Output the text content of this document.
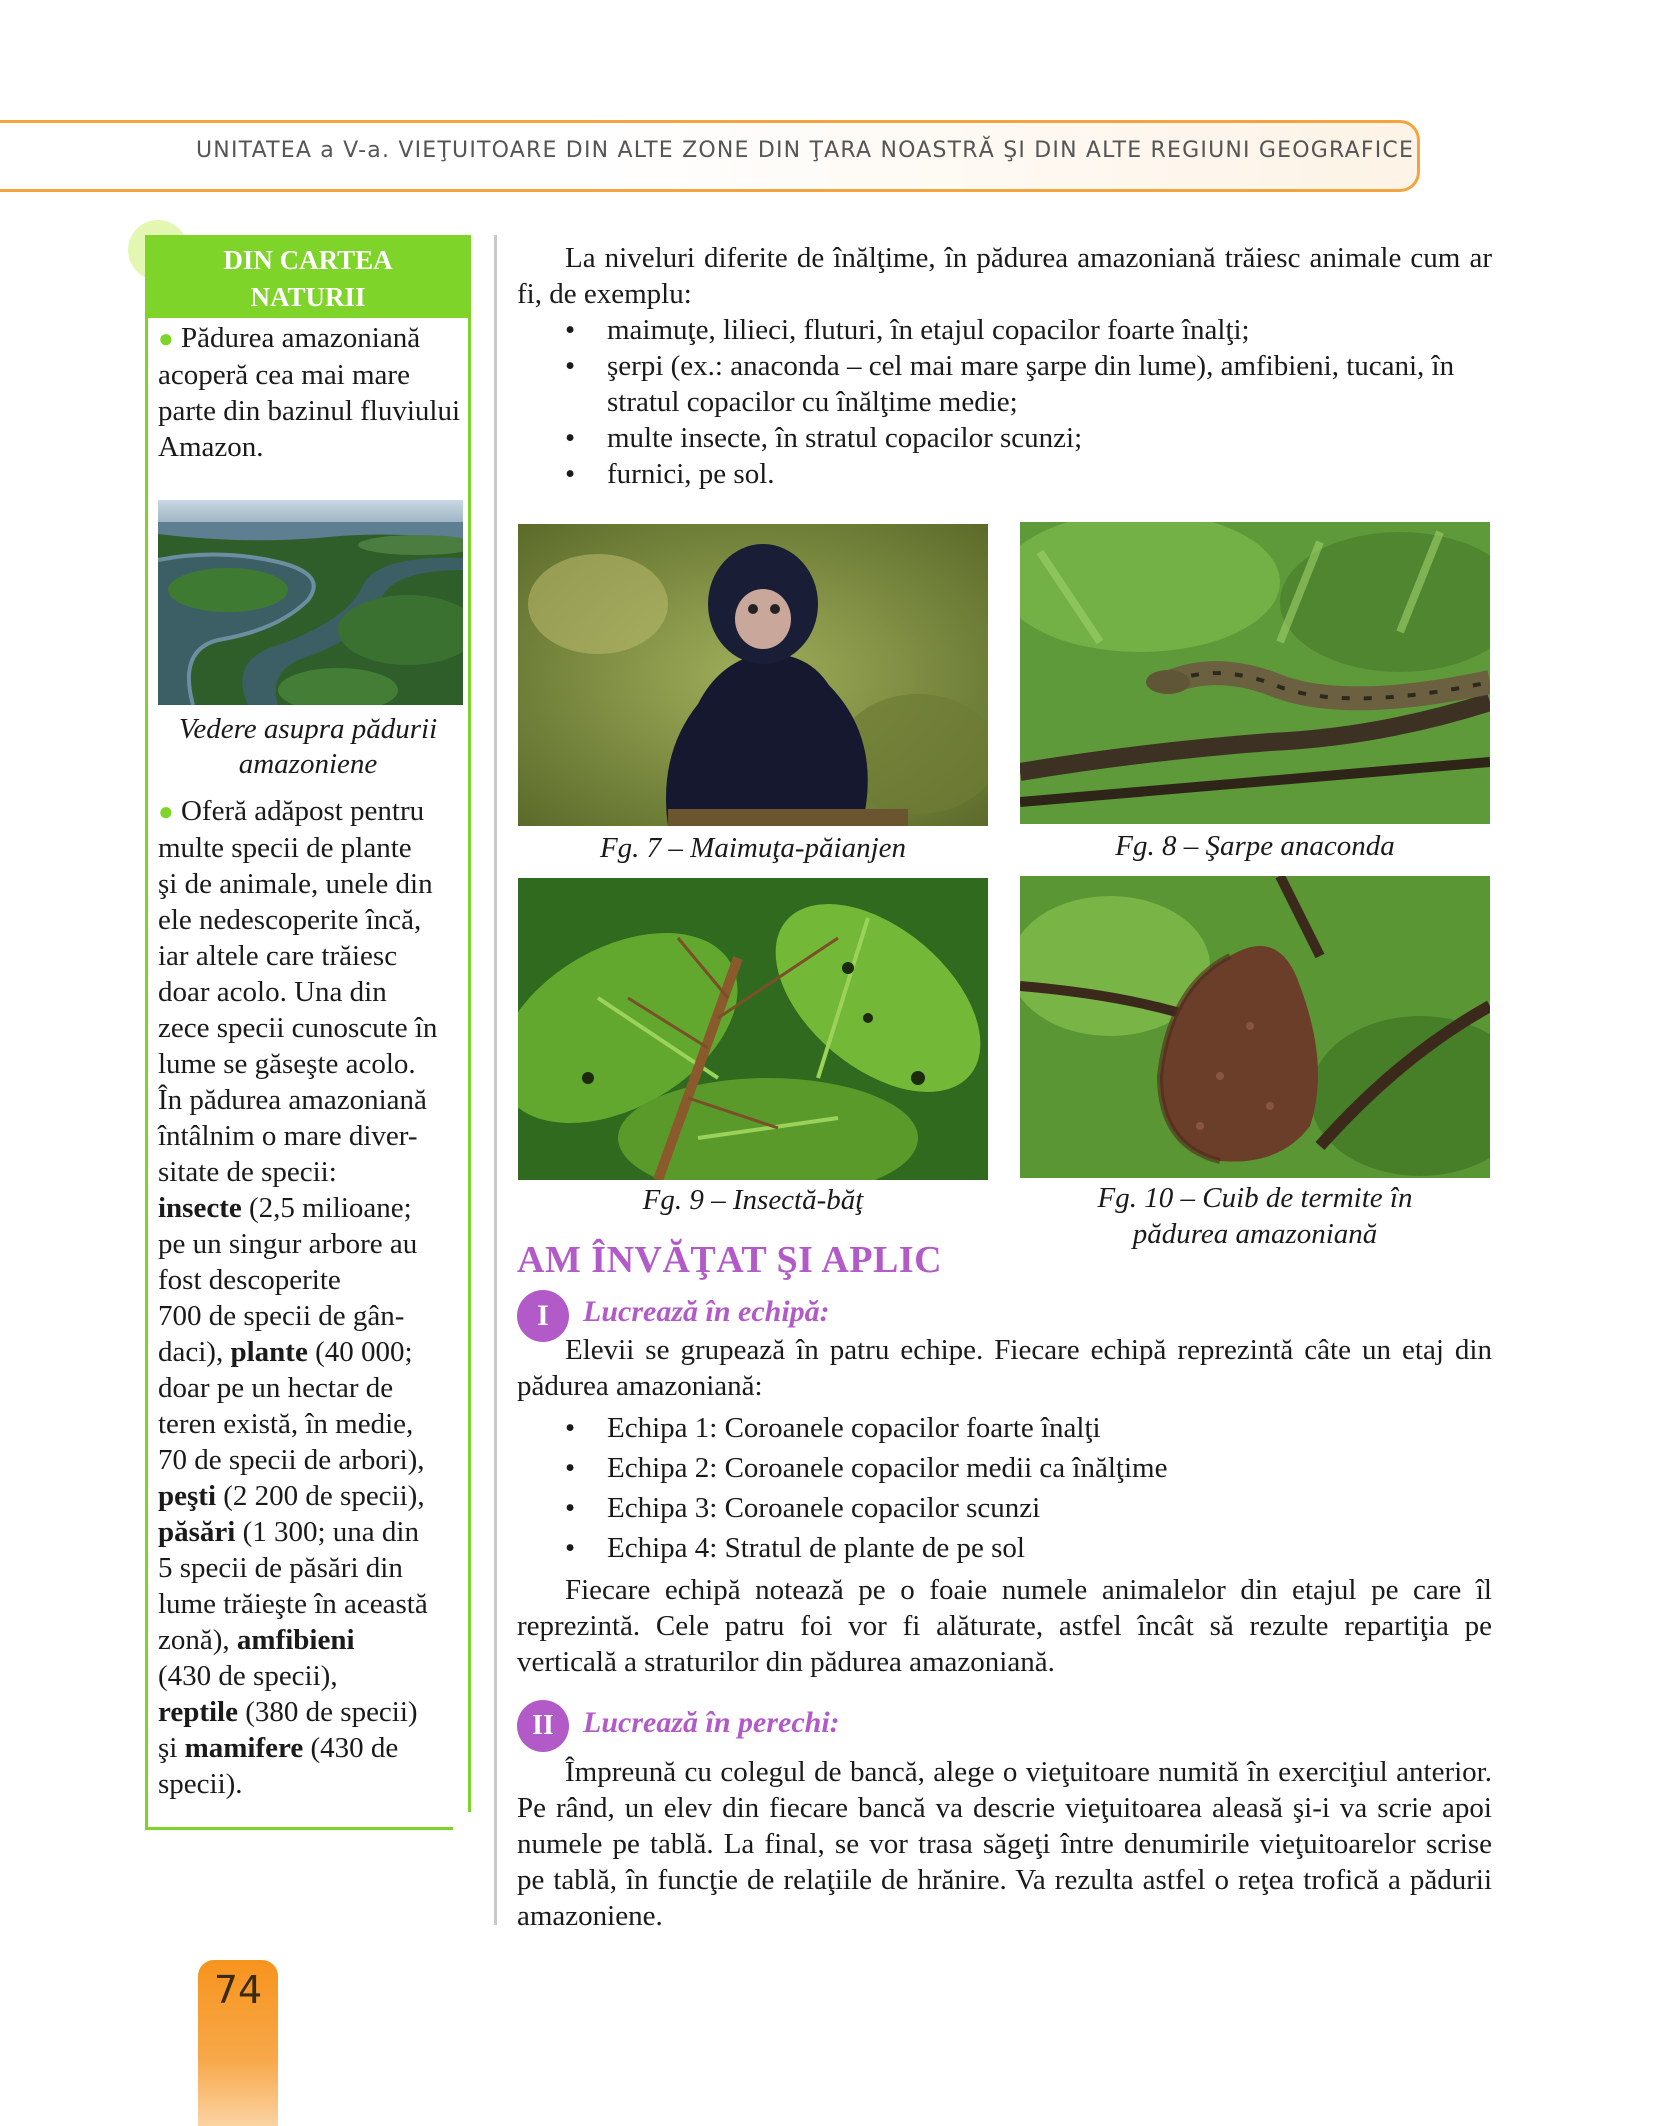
UNITATEA a V-a. VIEŢUITOARE DIN ALTE ZONE DIN ŢARA NOASTRĂ ŞI DIN ALTE REGIUNI GEOGRAFICE
DIN CARTEA
NATURII
● Pădurea amazoniană acoperă cea mai mare parte din bazinul fluviului Amazon.
Vedere asupra pădurii
amazoniene
● Oferă adăpost pentru
multe specii de plante
şi de animale, unele din
ele nedescoperite încă,
iar altele care trăiesc
doar acolo. Una din
zece specii cunoscute în
lume se găseşte acolo.
În pădurea amazoniană
întâlnim o mare diver-
sitate de specii:
insecte (2,5 milioane;
pe un singur arbore au
fost descoperite
700 de specii de gân-
daci), plante (40 000;
doar pe un hectar de
teren există, în medie,
70 de specii de arbori),
peşti (2 200 de specii),
păsări (1 300; una din
5 specii de păsări din
lume trăieşte în această
zonă), amfibieni
(430 de specii),
reptile (380 de specii)
şi mamifere (430 de
specii).
La niveluri diferite de înălţime, în pădurea amazoniană trăiesc animale cum ar fi, de exemplu:
• maimuţe, lilieci, fluturi, în etajul copacilor foarte înalţi;
• şerpi (ex.: anaconda – cel mai mare şarpe din lume), amfibieni, tucani, în stratul copacilor cu înălţime medie;
• multe insecte, în stratul copacilor scunzi;
• furnici, pe sol.
Fg. 7 – Maimuţa-păianjen	Fg. 8 – Şarpe anaconda
Fg. 9 – Insectă-băţ	Fg. 10 – Cuib de termite în
pădurea amazoniană
AM ÎNVĂŢAT ŞI APLIC
I	Lucrează în echipă:
Elevii se grupează în patru echipe. Fiecare echipă reprezintă câte un etaj din pădurea amazoniană:
• Echipa 1: Coroanele copacilor foarte înalţi
• Echipa 2: Coroanele copacilor medii ca înălţime
• Echipa 3: Coroanele copacilor scunzi
• Echipa 4: Stratul de plante de pe sol
Fiecare echipă notează pe o foaie numele animalelor din etajul pe care îl reprezintă. Cele patru foi vor fi alăturate, astfel încât să rezulte repartiţia pe verticală a straturilor din pădurea amazoniană.
II Lucrează în perechi:
Împreună cu colegul de bancă, alege o vieţuitoare numită în exerciţiul anterior. Pe rând, un elev din fiecare bancă va descrie vieţuitoarea aleasă şi-i va scrie apoi numele pe tablă. La final, se vor trasa săgeţi între denumirile vieţuitoarelor scrise pe tablă, în funcţie de relaţiile de hrănire. Va rezulta astfel o reţea trofică a pădurii amazoniene.
74
